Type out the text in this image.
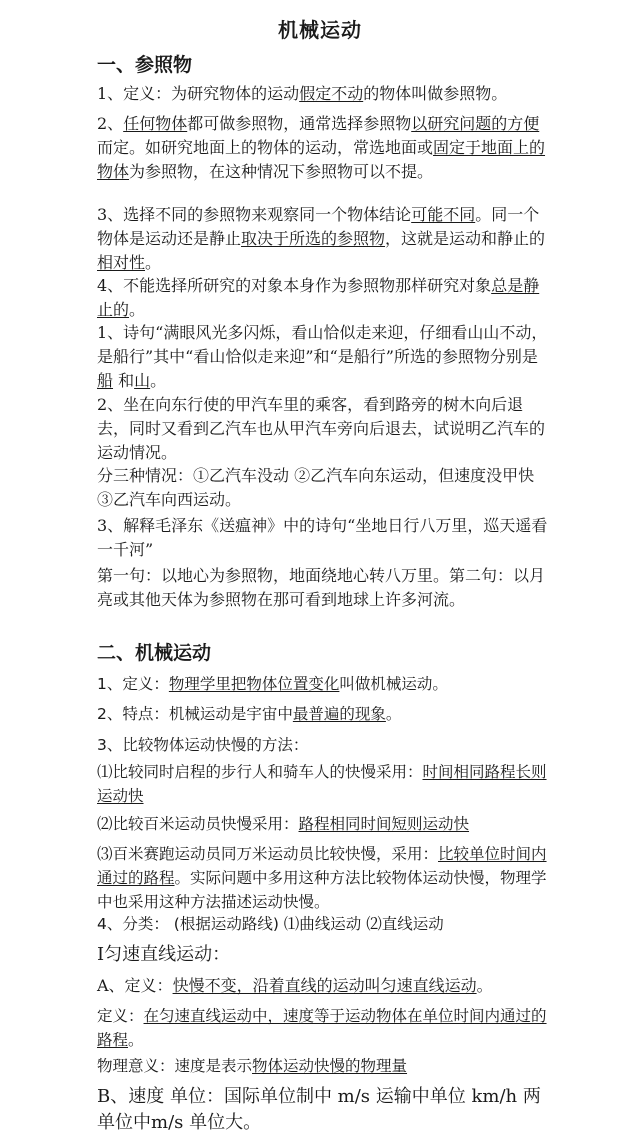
机械运动
一、参照物

1、定义：为研究物体的运动假定不动的物体叫做参照物。

2、任何物体都可做参照物，通常选择参照物以研究问题的方便而定。如研究地面上的物体的运动，常选地面或固定于地面上的物体为参照物，在这种情况下参照物可以不提。

3、选择不同的参照物来观察同一个物体结论可能不同。同一个物体是运动还是静止取决于所选的参照物，这就是运动和静止的相对性。

4、不能选择所研究的对象本身作为参照物那样研究对象总是静止的。

1、诗句“满眼风光多闪烁，看山恰似走来迎，仔细看山山不动，是船行”其中“看山恰似走来迎”和“是船行”所选的参照物分别是 船 和山。

2、坐在向东行使的甲汽车里的乘客，看到路旁的树木向后退去，同时又看到乙汽车也从甲汽车旁向后退去，试说明乙汽车的运动情况。

分三种情况：①乙汽车没动 ②乙汽车向东运动，但速度没甲快 ③乙汽车向西运动。

3、解释毛泽东《送瘟神》中的诗句“坐地日行八万里，巡天遥看一千河”

第一句：以地心为参照物，地面绕地心转八万里。第二句：以月亮或其他天体为参照物在那可看到地球上许多河流。

二、机械运动

1、定义：物理学里把物体位置变化叫做机械运动。

2、特点：机械运动是宇宙中最普遍的现象。

3、比较物体运动快慢的方法：

⑴比较同时启程的步行人和骑车人的快慢采用：时间相同路程长则运动快

⑵比较百米运动员快慢采用：路程相同时间短则运动快

⑶百米赛跑运动员同万米运动员比较快慢，采用：比较单位时间内通过的路程。实际问题中多用这种方法比较物体运动快慢，物理学中也采用这种方法描述运动快慢。

4、分类： (根据运动路线) ⑴曲线运动 ⑵直线运动

Ⅰ匀速直线运动：

A、定义：快慢不变，沿着直线的运动叫匀速直线运动。

定义：在匀速直线运动中，速度等于运动物体在单位时间内通过的路程。

物理意义：速度是表示物体运动快慢的物理量

B、速度 单位：国际单位制中 m/s 运输中单位 km/h 两单位中m/s 单位大。
